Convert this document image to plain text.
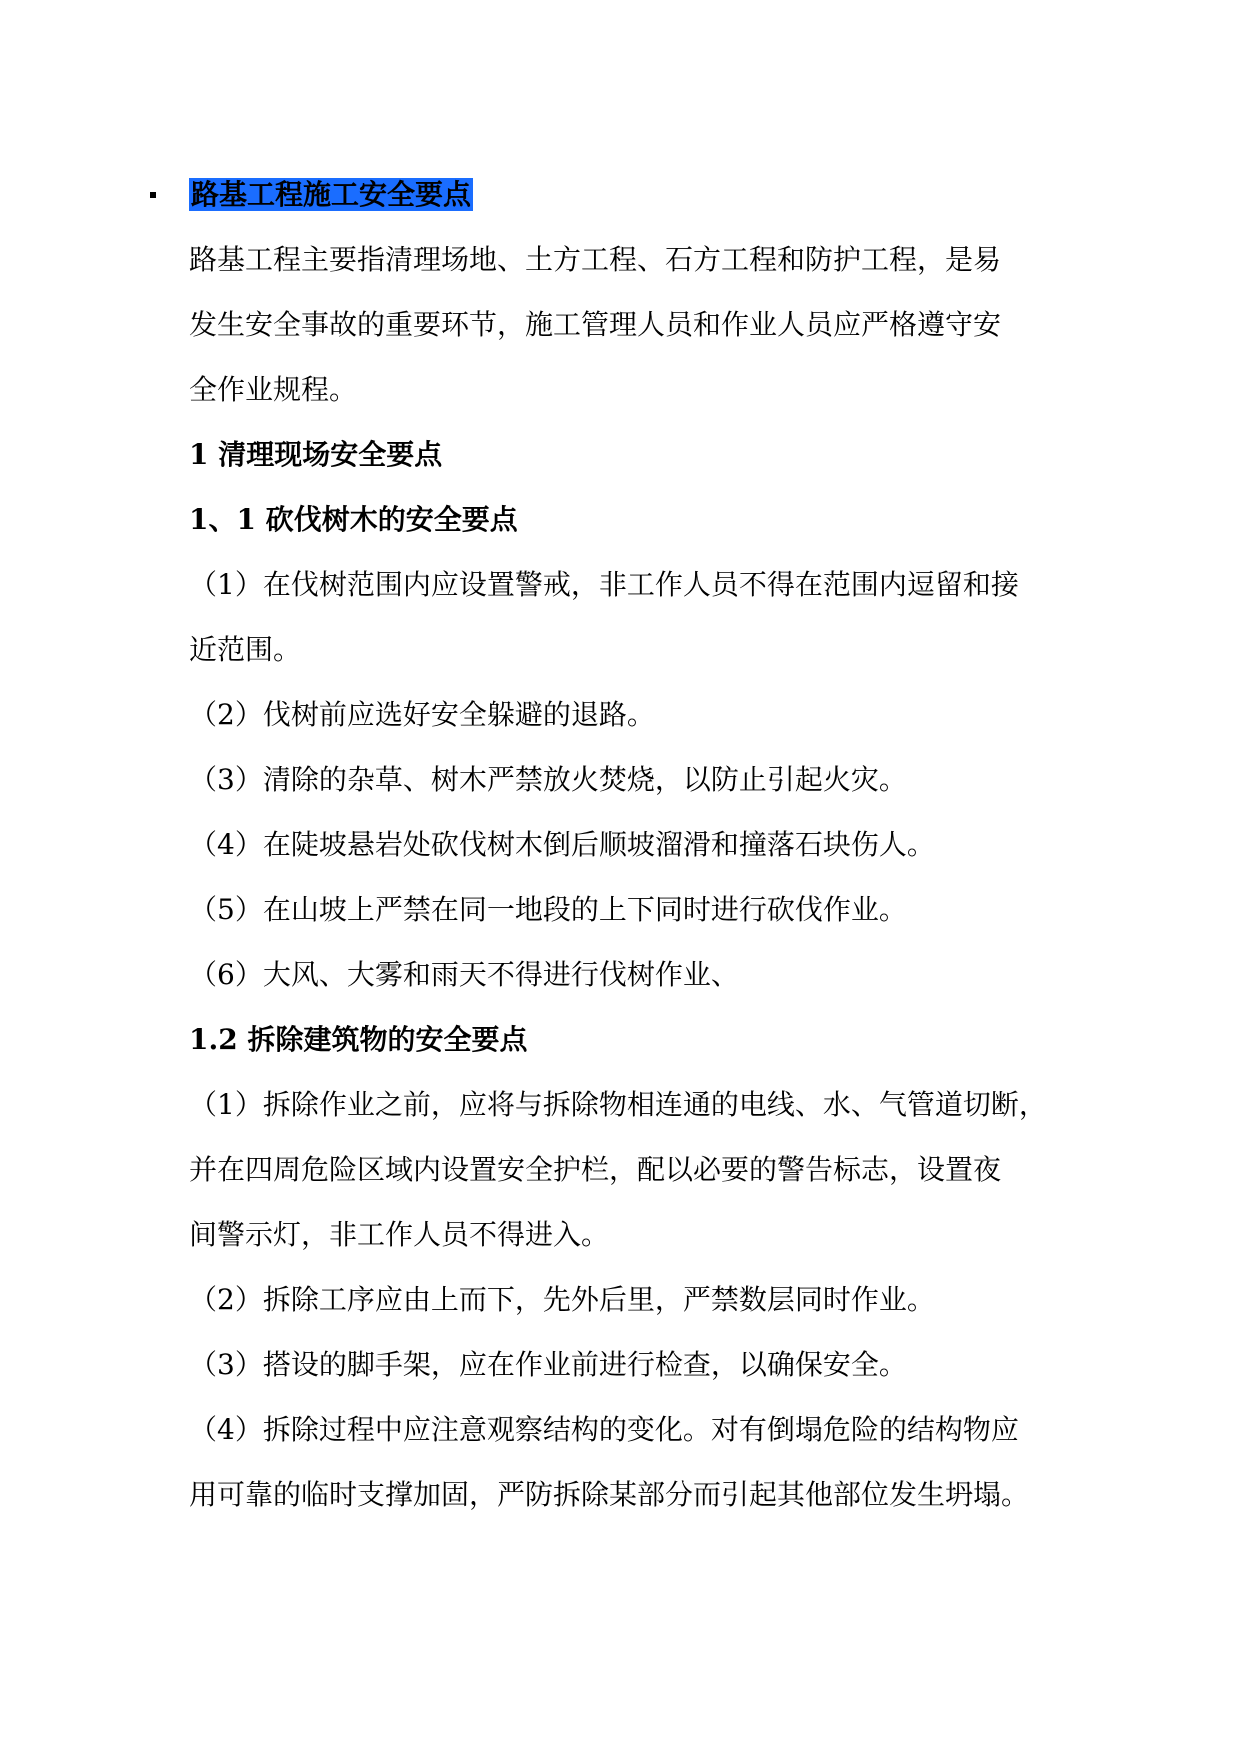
路基工程施工安全要点
路基工程主要指清理场地、土方工程、石方工程和防护工程，是易
发生安全事故的重要环节，施工管理人员和作业人员应严格遵守安
全作业规程。
1 清理现场安全要点
1、1 砍伐树木的安全要点
（1）在伐树范围内应设置警戒，非工作人员不得在范围内逗留和接
近范围。
（2）伐树前应选好安全躲避的退路。
（3）清除的杂草、树木严禁放火焚烧，以防止引起火灾。
（4）在陡坡悬岩处砍伐树木倒后顺坡溜滑和撞落石块伤人。
（5）在山坡上严禁在同一地段的上下同时进行砍伐作业。
（6）大风、大雾和雨天不得进行伐树作业、
1.2 拆除建筑物的安全要点
（1）拆除作业之前，应将与拆除物相连通的电线、水、气管道切断，
并在四周危险区域内设置安全护栏，配以必要的警告标志，设置夜
间警示灯，非工作人员不得进入。
（2）拆除工序应由上而下，先外后里，严禁数层同时作业。
（3）搭设的脚手架，应在作业前进行检查，以确保安全。
（4）拆除过程中应注意观察结构的变化。对有倒塌危险的结构物应
用可靠的临时支撑加固，严防拆除某部分而引起其他部位发生坍塌。
